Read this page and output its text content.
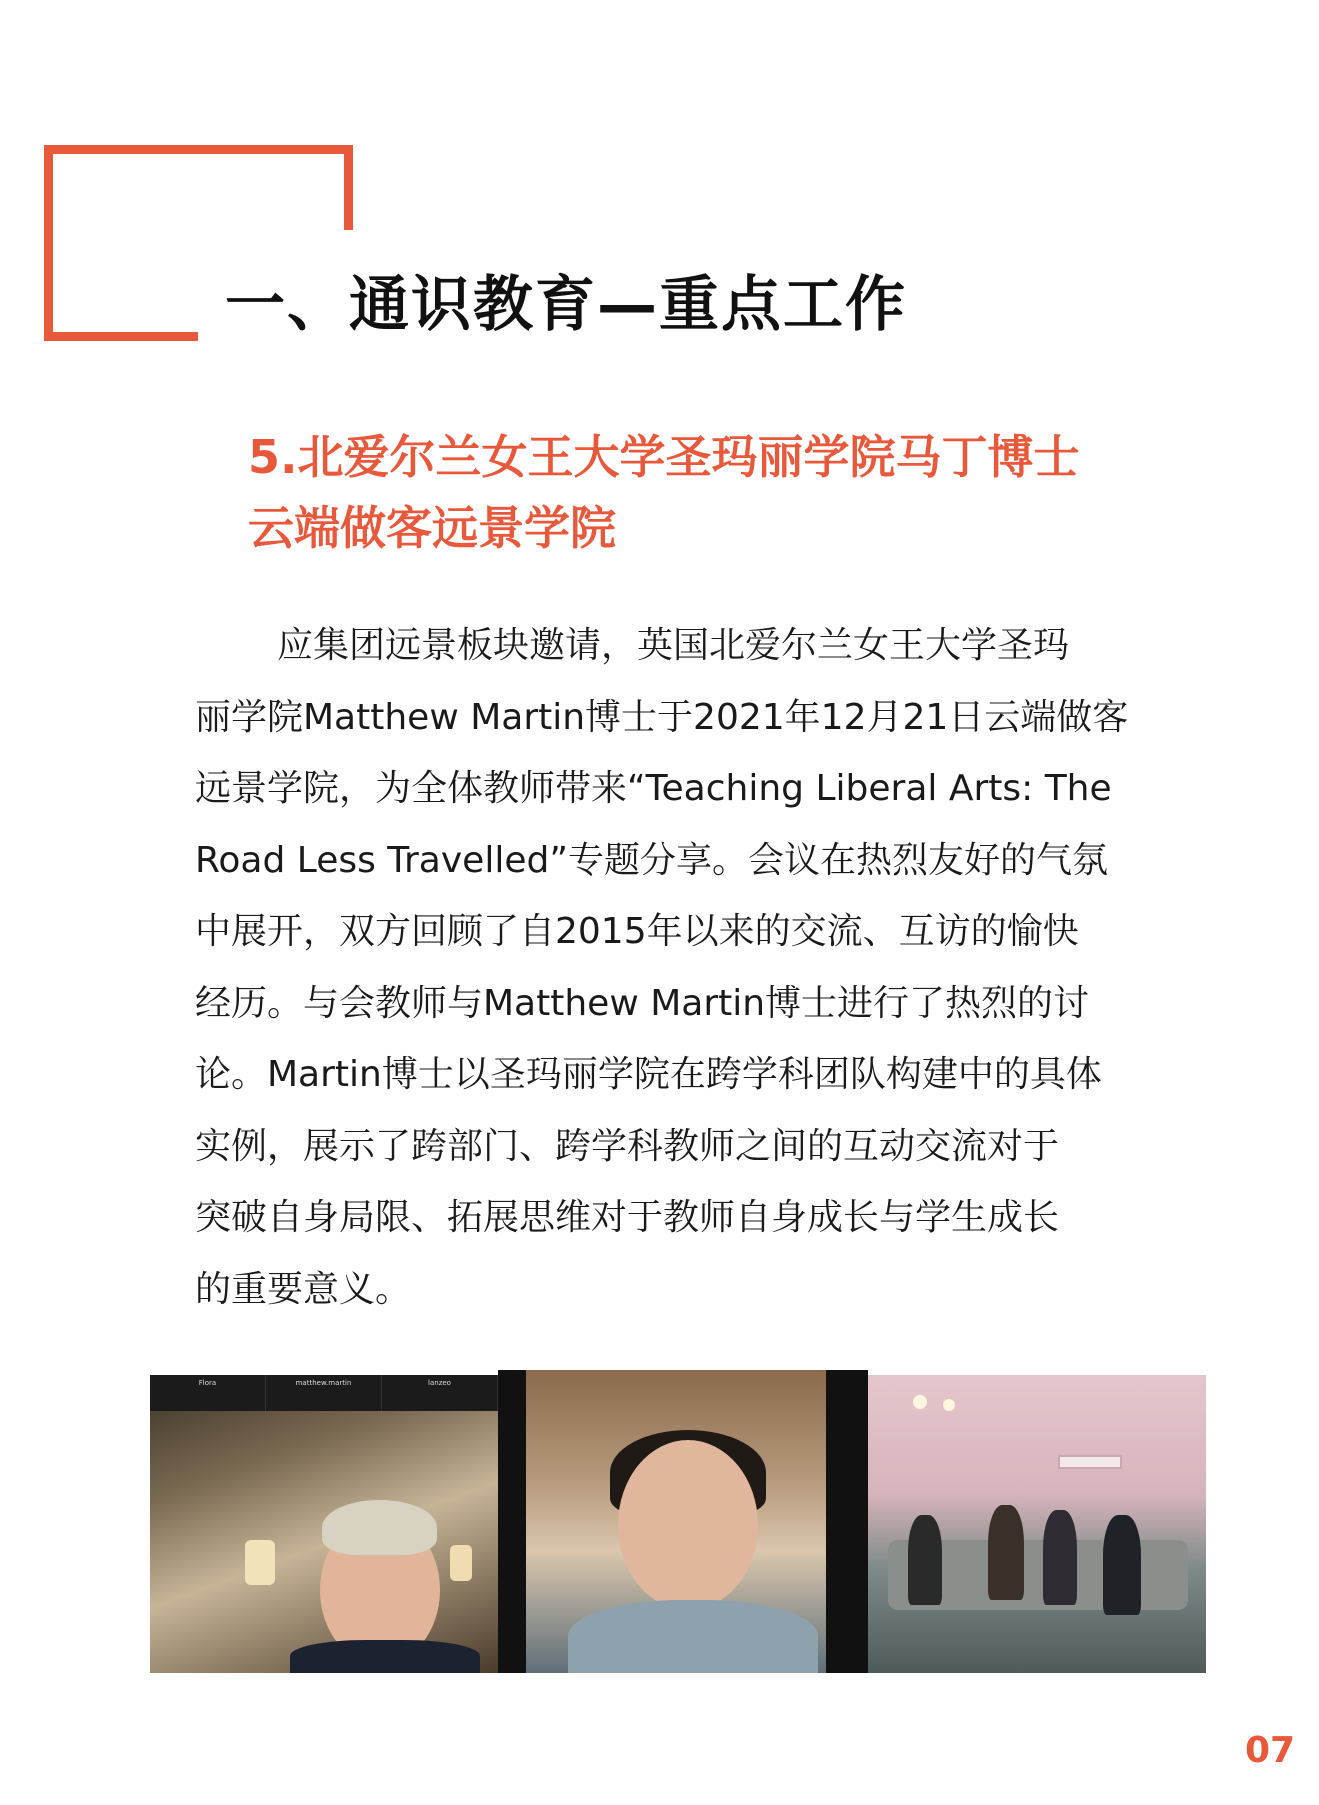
一、通识教育—重点工作
5.北爱尔兰女王大学圣玛丽学院马丁博士
云端做客远景学院
应集团远景板块邀请，英国北爱尔兰女王大学圣玛
丽学院Matthew Martin博士于2021年12月21日云端做客
远景学院，为全体教师带来“Teaching Liberal Arts: The
Road Less Travelled”专题分享。会议在热烈友好的气氛
中展开，双方回顾了自2015年以来的交流、互访的愉快
经历。与会教师与Matthew Martin博士进行了热烈的讨
论。Martin博士以圣玛丽学院在跨学科团队构建中的具体
实例，展示了跨部门、跨学科教师之间的互动交流对于
突破自身局限、拓展思维对于教师自身成长与学生成长
的重要意义。
Flora	matthew.martin	lanzeo
07
